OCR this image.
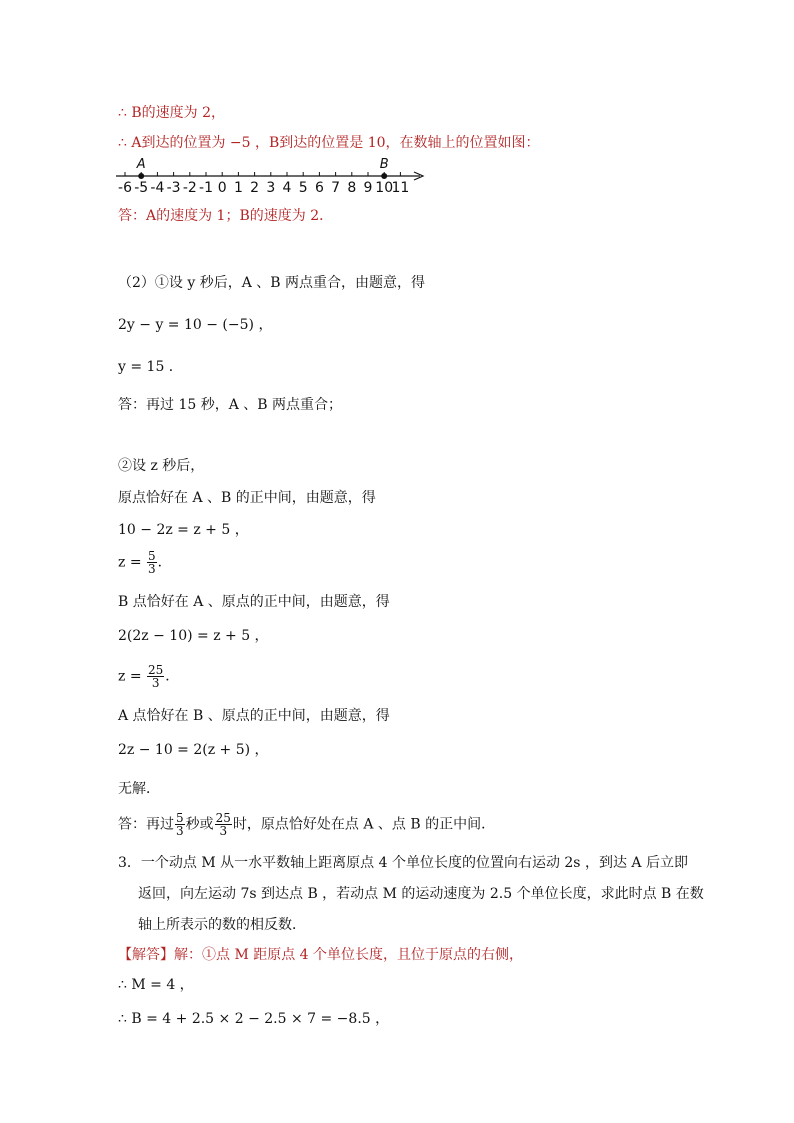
∴ B的速度为 2，
∴ A到达的位置为 −5 ，B到达的位置是 10，在数轴上的位置如图：
-6 -5 -4 -3 -2 -1 0 1 2 3 4 5 6 7 8 9 10
11
A	B
答：A的速度为 1；B的速度为 2．
（2）①设 y 秒后，A 、B 两点重合，由题意，得
2y − y = 10 − (−5) ，
y = 15 ．
答：再过 15 秒，A 、B 两点重合；
②设 z 秒后，
原点恰好在 A 、B 的正中间，由题意，得
10 − 2z = z + 5 ，
$z = \frac{5}{3}$ ．
B 点恰好在 A 、原点的正中间，由题意，得
2(2z − 10) = z + 5 ，
$z = \frac{25}{3}$ ．
A 点恰好在 B 、原点的正中间，由题意，得
2z − 10 = 2(z + 5) ，
无解．
答：再过 $\frac{5}{3}$ 秒或 $\frac{25}{3}$ 时，原点恰好处在点 A 、点 B 的正中间．
3．一个动点 M 从一水平数轴上距离原点 4 个单位长度的位置向右运动 2s ，到达 A 后立即
返回，向左运动 7s 到达点 B ，若动点 M 的运动速度为 2.5 个单位长度，求此时点 B 在数
轴上所表示的数的相反数．
【解答】解：①点 M 距原点 4 个单位长度，且位于原点的右侧，
∴ M = 4 ，
∴ B = 4 + 2.5 × 2 − 2.5 × 7 = −8.5 ，
